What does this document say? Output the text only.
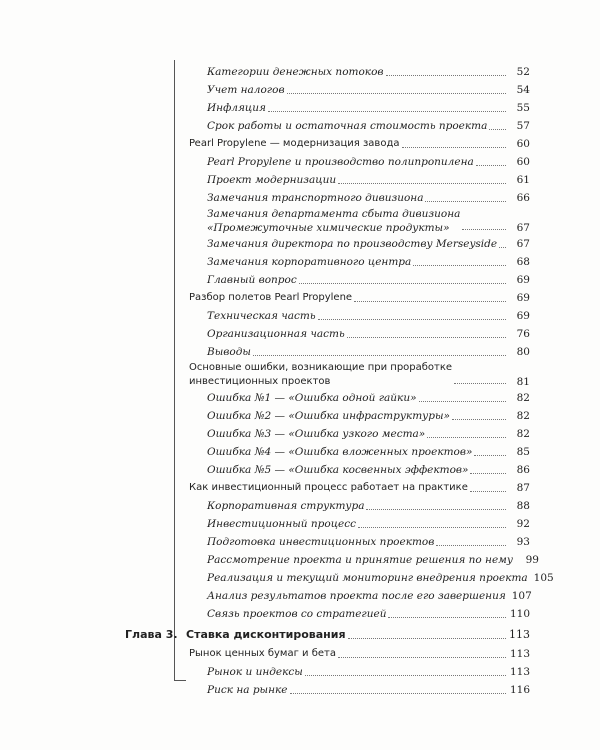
Категории денежных потоков	52
Учет налогов	54
Инфляция	55
Срок работы и остаточная стоимость проекта	57
Pearl Propylene — модернизация завода	60
Pearl Propylene и производство полипропилена	60
Проект модернизации	61
Замечания транспортного дивизиона	66
Замечания департамента сбыта дивизиона
«Промежуточные химические продукты»	67
Замечания директора по производству Merseyside	67
Замечания корпоративного центра	68
Главный вопрос	69
Разбор полетов Pearl Propylene	69
Техническая часть	69
Организационная часть	76
Выводы	80
Основные ошибки, возникающие при проработке
инвестиционных проектов	81
Ошибка №1 — «Ошибка одной гайки»	82
Ошибка №2 — «Ошибка инфраструктуры»	82
Ошибка №3 — «Ошибка узкого места»	82
Ошибка №4 — «Ошибка вложенных проектов»	85
Ошибка №5 — «Ошибка косвенных эффектов»	86
Как инвестиционный процесс работает на практике	87
Корпоративная структура	88
Инвестиционный процесс	92
Подготовка инвестиционных проектов	93
Рассмотрение проекта и принятие решения по нему	99
Реализация и текущий мониторинг внедрения проекта 105
Анализ результатов проекта после его завершения 107
Связь проектов со стратегией	110
Глава 3. Ставка дисконтирования	113
Рынок ценных бумаг и бета	113
Рынок и индексы	113
Риск на рынке	116
